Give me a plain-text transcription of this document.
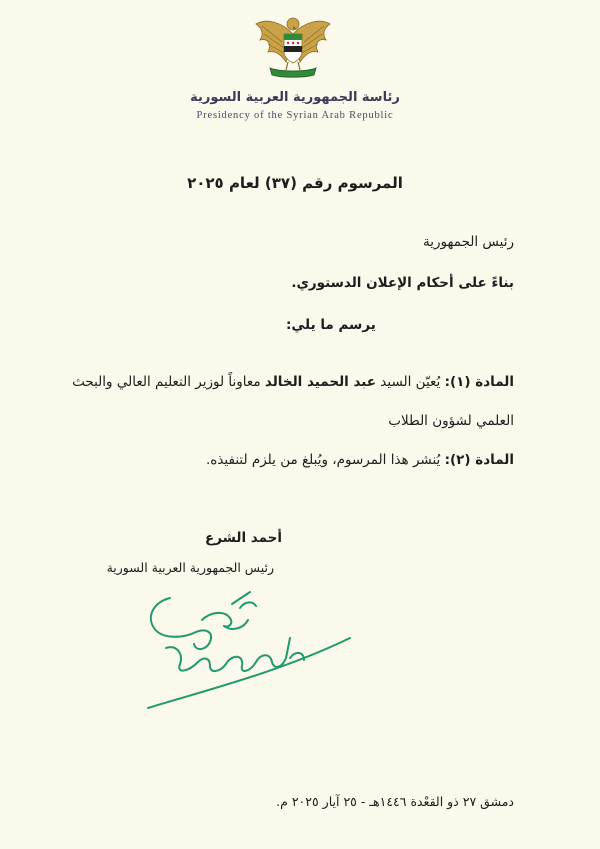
رئاسة الجمهورية العربية السورية
Presidency of the Syrian Arab Republic
المرسوم رقم (٣٧) لعام ٢٠٢٥
رئيس الجمهورية
بناءً على أحكام الإعلان الدستوري.
يرسم ما يلي:
المادة (١): يُعيّن السيد عبد الحميد الخالد معاوناً لوزير التعليم العالي والبحث
العلمي لشؤون الطلاب
المادة (٢): يُنشر هذا المرسوم، ويُبلغ من يلزم لتنفيذه.
أحمد الشرع
رئيس الجمهورية العربية السورية
دمشق ٢٧ ذو القعْدة ١٤٤٦هـ - ٢٥ آيار ٢٠٢٥ م.
